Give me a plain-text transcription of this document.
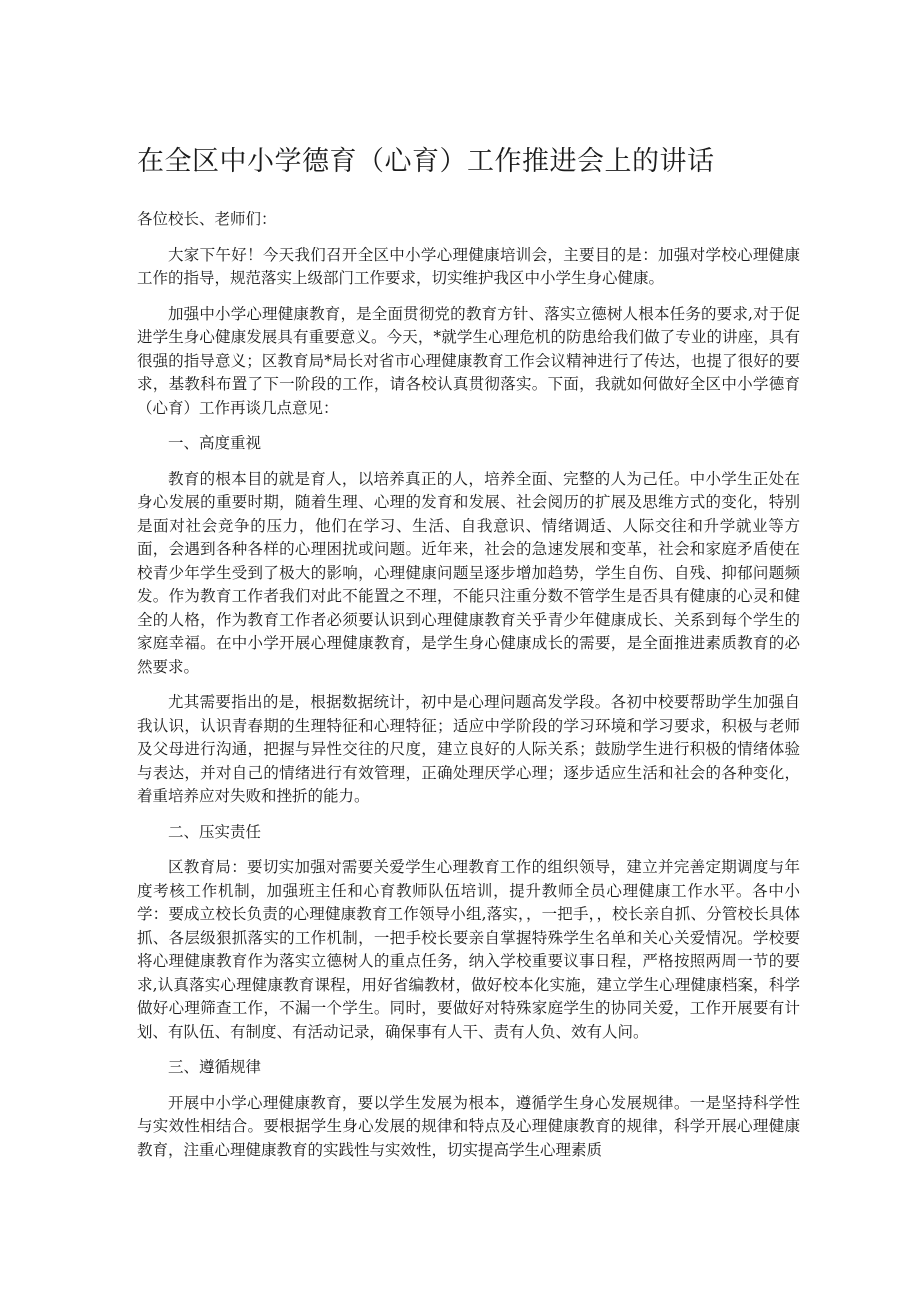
在全区中小学德育（心育）工作推进会上的讲话

各位校长、老师们：

大家下午好！今天我们召开全区中小学心理健康培训会，主要目的是：加强对学校心理健康工作的指导，规范落实上级部门工作要求，切实维护我区中小学生身心健康。

加强中小学心理健康教育，是全面贯彻党的教育方针、落实立德树人根本任务的要求,对于促进学生身心健康发展具有重要意义。今天，*就学生心理危机的防患给我们做了专业的讲座，具有很强的指导意义；区教育局*局长对省市心理健康教育工作会议精神进行了传达，也提了很好的要求，基教科布置了下一阶段的工作，请各校认真贯彻落实。下面，我就如何做好全区中小学德育（心育）工作再谈几点意见：

一、高度重视

教育的根本目的就是育人，以培养真正的人，培养全面、完整的人为己任。中小学生正处在身心发展的重要时期，随着生理、心理的发育和发展、社会阅历的扩展及思维方式的变化，特别是面对社会竞争的压力，他们在学习、生活、自我意识、情绪调适、人际交往和升学就业等方面，会遇到各种各样的心理困扰或问题。近年来，社会的急速发展和变革，社会和家庭矛盾使在校青少年学生受到了极大的影响，心理健康问题呈逐步增加趋势，学生自伤、自残、抑郁问题频发。作为教育工作者我们对此不能置之不理，不能只注重分数不管学生是否具有健康的心灵和健全的人格，作为教育工作者必须要认识到心理健康教育关乎青少年健康成长、关系到每个学生的家庭幸福。在中小学开展心理健康教育，是学生身心健康成长的需要，是全面推进素质教育的必然要求。

尤其需要指出的是，根据数据统计，初中是心理问题高发学段。各初中校要帮助学生加强自我认识，认识青春期的生理特征和心理特征；适应中学阶段的学习环境和学习要求，积极与老师及父母进行沟通，把握与异性交往的尺度，建立良好的人际关系；鼓励学生进行积极的情绪体验与表达，并对自己的情绪进行有效管理，正确处理厌学心理；逐步适应生活和社会的各种变化，着重培养应对失败和挫折的能力。

二、压实责任

区教育局：要切实加强对需要关爱学生心理教育工作的组织领导，建立并完善定期调度与年度考核工作机制，加强班主任和心育教师队伍培训，提升教师全员心理健康工作水平。各中小学：要成立校长负责的心理健康教育工作领导小组,落实，，一把手，，校长亲自抓、分管校长具体抓、各层级狠抓落实的工作机制，一把手校长要亲自掌握特殊学生名单和关心关爱情况。学校要将心理健康教育作为落实立德树人的重点任务，纳入学校重要议事日程，严格按照两周一节的要求,认真落实心理健康教育课程，用好省编教材，做好校本化实施，建立学生心理健康档案，科学做好心理筛查工作，不漏一个学生。同时，要做好对特殊家庭学生的协同关爱，工作开展要有计划、有队伍、有制度、有活动记录，确保事有人干、责有人负、效有人问。

三、遵循规律

开展中小学心理健康教育，要以学生发展为根本，遵循学生身心发展规律。一是坚持科学性与实效性相结合。要根据学生身心发展的规律和特点及心理健康教育的规律，科学开展心理健康教育，注重心理健康教育的实践性与实效性，切实提高学生心理素质
